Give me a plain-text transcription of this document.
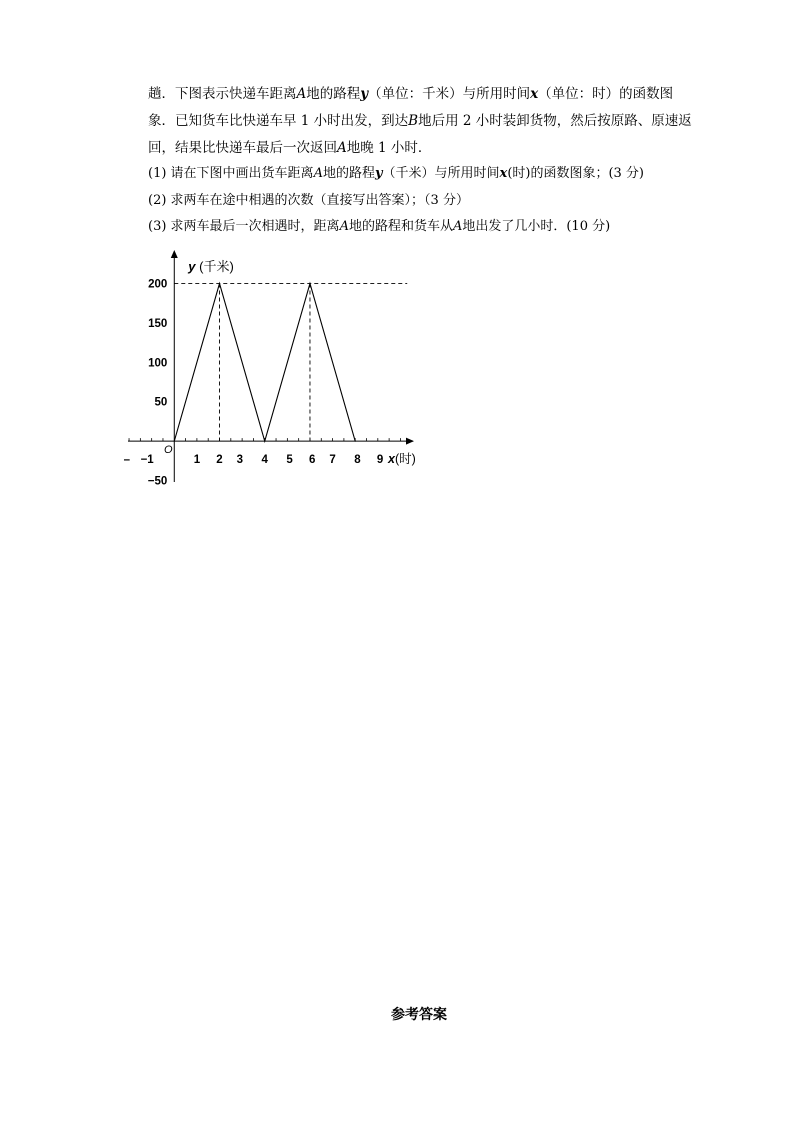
趟．下图表示快递车距离A地的路程y（单位：千米）与所用时间x（单位：时）的函数图
象．已知货车比快递车早 1 小时出发，到达B地后用 2 小时装卸货物，然后按原路、原速返
回，结果比快递车最后一次返回A地晚 1 小时．
(1) 请在下图中画出货车距离A地的路程y（千米）与所用时间x(时)的函数图象；(3 分)
(2) 求两车在途中相遇的次数（直接写出答案）；（3 分）
(3) 求两车最后一次相遇时，距离A地的路程和货车从A地出发了几小时．(10 分)
– −1	1 2 3 4 5 6 7 8 9
200
150
100
50
−50
O
y (千米)
x(时)
参考答案
